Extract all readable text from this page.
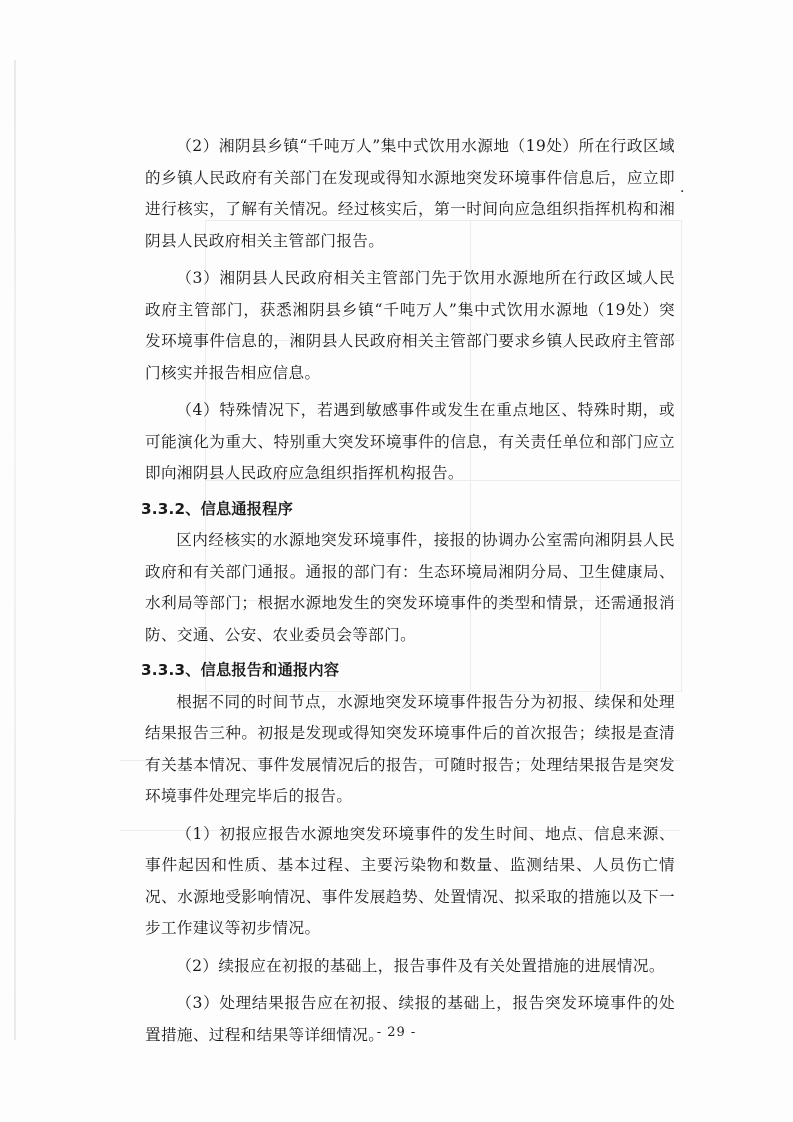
·

（2）湘阴县乡镇“千吨万人”集中式饮用水源地（19处）所在行政区域的乡镇人民政府有关部门在发现或得知水源地突发环境事件信息后，应立即进行核实，了解有关情况。经过核实后，第一时间向应急组织指挥机构和湘阴县人民政府相关主管部门报告。

（3）湘阴县人民政府相关主管部门先于饮用水源地所在行政区域人民政府主管部门，获悉湘阴县乡镇“千吨万人”集中式饮用水源地（19处）突发环境事件信息的，湘阴县人民政府相关主管部门要求乡镇人民政府主管部门核实并报告相应信息。

（4）特殊情况下，若遇到敏感事件或发生在重点地区、特殊时期，或可能演化为重大、特别重大突发环境事件的信息，有关责任单位和部门应立即向湘阴县人民政府应急组织指挥机构报告。

3.3.2、信息通报程序

区内经核实的水源地突发环境事件，接报的协调办公室需向湘阴县人民政府和有关部门通报。通报的部门有：生态环境局湘阴分局、卫生健康局、水利局等部门；根据水源地发生的突发环境事件的类型和情景，还需通报消防、交通、公安、农业委员会等部门。

3.3.3、信息报告和通报内容

根据不同的时间节点，水源地突发环境事件报告分为初报、续保和处理结果报告三种。初报是发现或得知突发环境事件后的首次报告；续报是查清有关基本情况、事件发展情况后的报告，可随时报告；处理结果报告是突发环境事件处理完毕后的报告。

（1）初报应报告水源地突发环境事件的发生时间、地点、信息来源、事件起因和性质、基本过程、主要污染物和数量、监测结果、人员伤亡情况、水源地受影响情况、事件发展趋势、处置情况、拟采取的措施以及下一步工作建议等初步情况。

（2）续报应在初报的基础上，报告事件及有关处置措施的进展情况。

（3）处理结果报告应在初报、续报的基础上，报告突发环境事件的处置措施、过程和结果等详细情况。

- 29 -
